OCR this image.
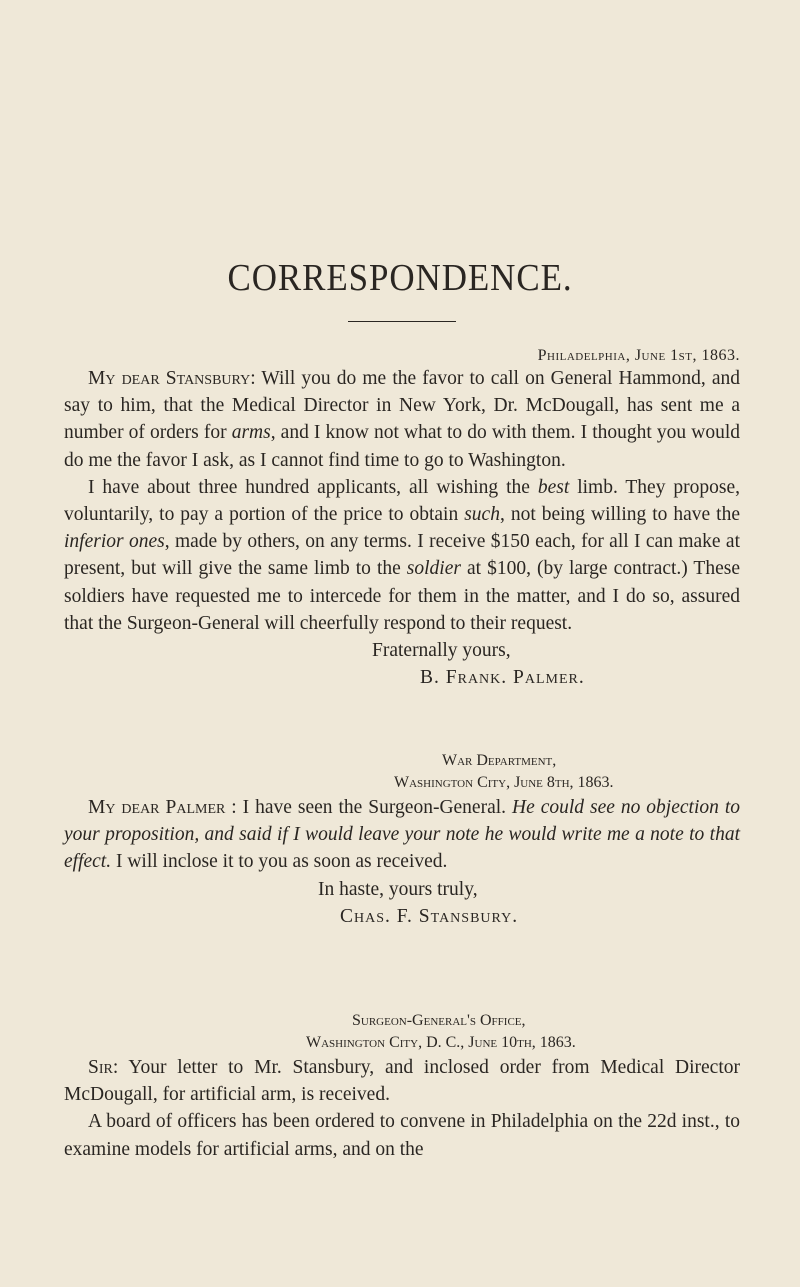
CORRESPONDENCE.
Philadelphia, June 1st, 1863.

My dear Stansbury: Will you do me the favor to call on General Hammond, and say to him, that the Medical Director in New York, Dr. McDougall, has sent me a number of orders for arms, and I know not what to do with them. I thought you would do me the favor I ask, as I cannot find time to go to Washington.

I have about three hundred applicants, all wishing the best limb. They propose, voluntarily, to pay a portion of the price to obtain such, not being willing to have the inferior ones, made by others, on any terms. I receive $150 each, for all I can make at present, but will give the same limb to the soldier at $100, (by large contract.) These soldiers have requested me to intercede for them in the matter, and I do so, assured that the Surgeon-General will cheerfully respond to their request.

Fraternally yours,
B. Frank. Palmer.
War Department,
Washington City, June 8th, 1863.

My dear Palmer : I have seen the Surgeon-General. He could see no objection to your proposition, and said if I would leave your note he would write me a note to that effect. I will inclose it to you as soon as received.

In haste, yours truly,
Chas. F. Stansbury.
Surgeon-General's Office,
Washington City, D. C., June 10th, 1863.

Sir: Your letter to Mr. Stansbury, and inclosed order from Medical Director McDougall, for artificial arm, is received.

A board of officers has been ordered to convene in Philadelphia on the 22d inst., to examine models for artificial arms, and on the
